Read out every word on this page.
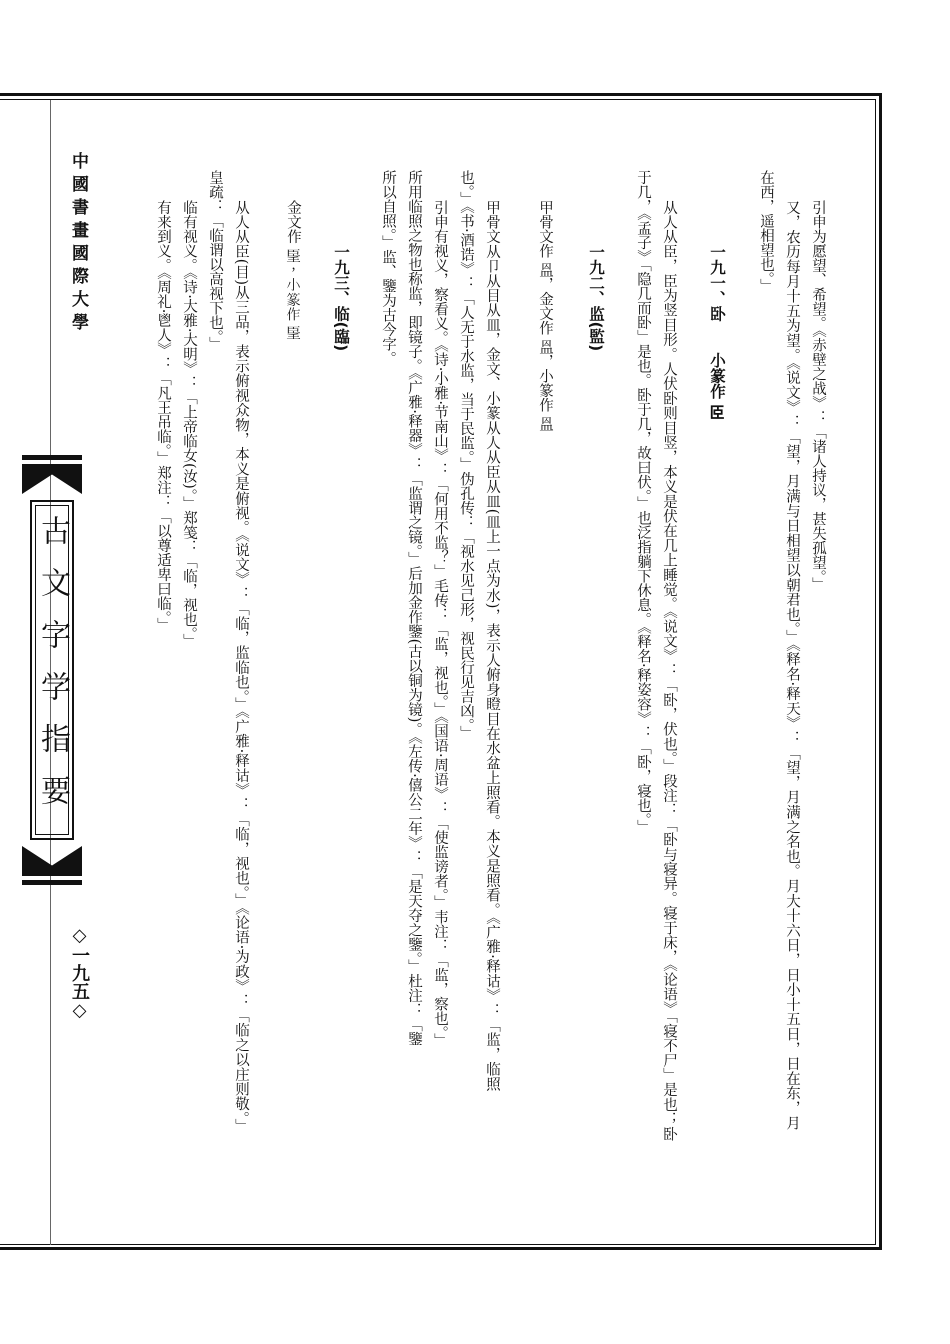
中國書畫國際大學
古文字学指要
◇一九五◇
引申为愿望、希望。《赤壁之战》：「诸人持议，甚失孤望。」
又，农历每月十五为望。《说文》：「望，月满与日相望以朝君也。」《释名·释天》：「望，月满之名也。月大十六日，日小十五日，日在东，月
在西，遥相望也。」
一九一、卧　　小篆作 𦣞
从人从臣，臣为竖目形。人伏卧则目竖，本义是伏在几上睡觉。《说文》：「卧，伏也。」段注：「卧与寝异。寝于床，《论语》「寝不尸」是也；卧
于几，《孟子》「隐几而卧」是也。卧于几，故曰伏。」也泛指躺下休息。《释名·释姿容》：「卧，寝也。」
一九二、监(監)
甲骨文作 𥁕，金文作 𥁕，小篆作 𥁕
甲骨文从卩从目从皿，金文、小篆从人从臣从皿(皿上一点为水)，表示人俯身瞪目在水盆上照看。本义是照看。《广雅·释诂》：「监，临照
也。」《书·酒诰》：「人无于水监，当于民监。」伪孔传：「视水见己形，视民行见吉凶。」
引申有视义，察看义。《诗·小雅·节南山》：「何用不监？」毛传：「监，视也。」《国语·周语》：「使监谤者。」韦注：「监，察也。」
所用临照之物也称监，即镜子。《广雅·释器》：「监谓之镜。」后加金作鑒(古以铜为镜)。《左传·僖公二年》：「是天夺之鑒。」杜注：「鑒
所以自照。」监、鑒为古今字。
一九三、临(臨)
金文作 𦣠，小篆作 𦣠
从人从臣(目)从三品，表示俯视众物，本义是俯视。《说文》：「临，监临也。」《广雅·释诂》：「临，视也。」《论语·为政》：「临之以庄则敬。」
皇疏：「临谓以高视下也。」
临有视义。《诗·大雅·大明》：「上帝临女(汝)。」郑笺：「临，视也。」
有来到义。《周礼·鬯人》：「凡王吊临。」郑注：「以尊适卑曰临。」
